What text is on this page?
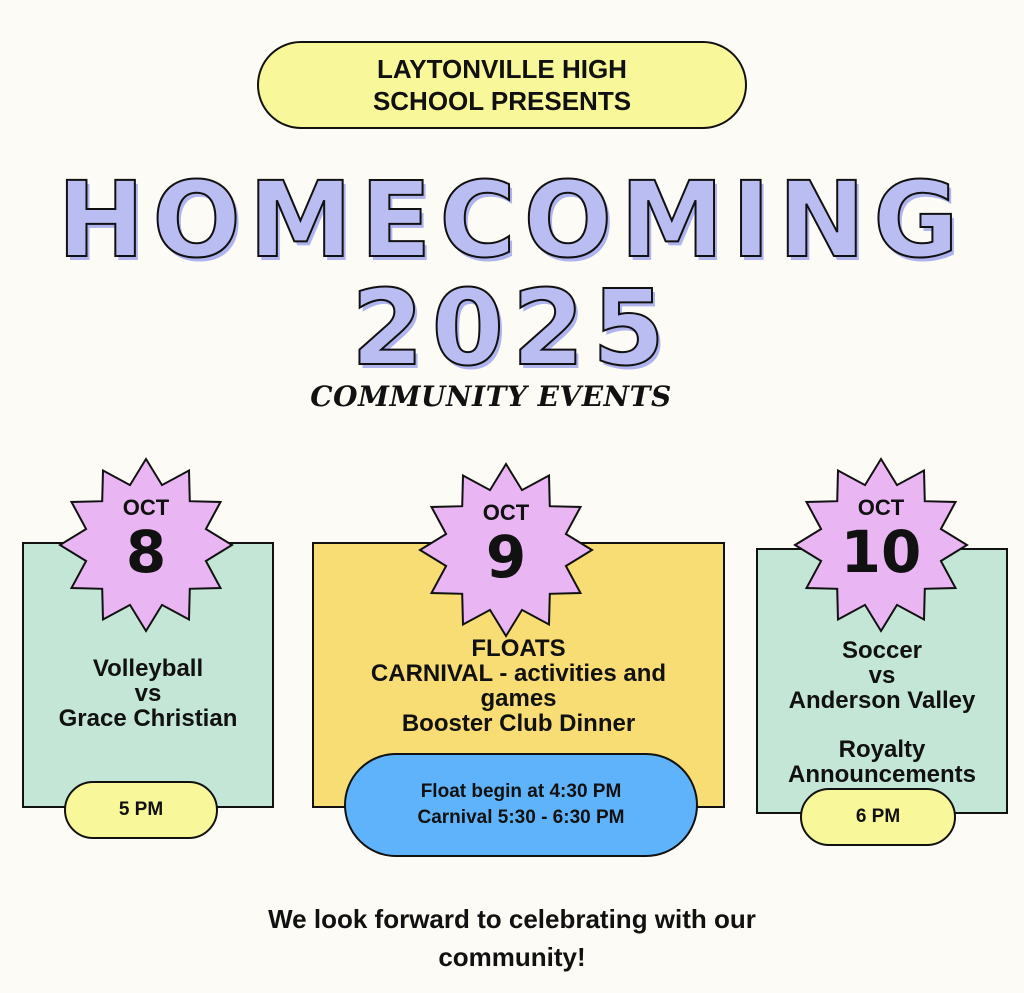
LAYTONVILLE HIGH
SCHOOL PRESENTS
HOMECOMING
2025
COMMUNITY EVENTS
Volleyball
vs
Grace Christian
FLOATS
CARNIVAL - activities and
games
Booster Club Dinner
Soccer
vs
Anderson Valley
Royalty
Announcements
OCT
8
OCT
9
OCT
10
5 PM	6 PM
Float begin at 4:30 PM
Carnival 5:30 - 6:30 PM
We look forward to celebrating with our
community!
